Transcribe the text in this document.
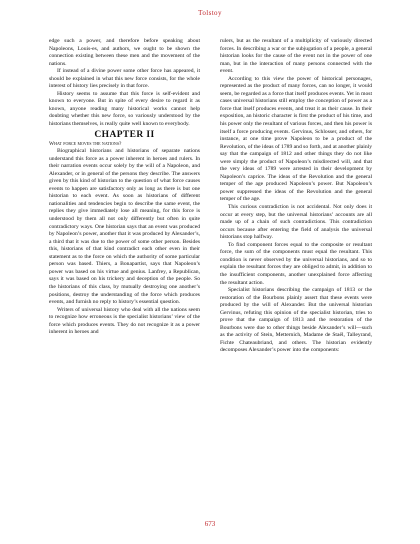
Tolstoy

edge such a power, and therefore before speaking about Napoleons, Louis-es, and authors, we ought to be shown the connection existing between these men and the movement of the nations.

If instead of a divine power some other force has appeared, it should be explained in what this new force consists, for the whole interest of history lies precisely in that force.

History seems to assume that this force is self-evident and known to everyone. But in spite of every desire to regard it as known, anyone reading many historical works cannot help doubting whether this new force, so variously understood by the historians themselves, is really quite well known to everybody.

CHAPTER II

What force moves the nations?

Biographical historians and historians of separate nations understand this force as a power inherent in heroes and rulers. In their narration events occur solely by the will of a Napoleon, and Alexander, or in general of the persons they describe. The answers given by this kind of historian to the question of what force causes events to happen are satisfactory only as long as there is but one historian to each event. As soon as historians of different nationalities and tendencies begin to describe the same event, the replies they give immediately lose all meaning, for this force is understood by them all not only differently but often in quite contradictory ways. One historian says that an event was produced by Napoleon’s power, another that it was produced by Alexander’s, a third that it was due to the power of some other person. Besides this, historians of that kind contradict each other even in their statement as to the force on which the authority of some particular person was based. Thiers, a Bonapartist, says that Napoleon’s power was based on his virtue and genius. Lanfrey, a Republican, says it was based on his trickery and deception of the people. So the historians of this class, by mutually destroying one another’s positions, destroy the understanding of the force which produces events, and furnish no reply to history’s essential question.

Writers of universal history who deal with all the nations seem to recognize how erroneous is the specialist historians’ view of the force which produces events. They do not recognize it as a power inherent in heroes and

rulers, but as the resultant of a multiplicity of variously directed forces. In describing a war or the subjugation of a people, a general historian looks for the cause of the event not in the power of one man, but in the interaction of many persons connected with the event.

According to this view the power of historical personages, represented as the product of many forces, can no longer, it would seem, be regarded as a force that itself produces events. Yet in most cases universal historians still employ the conception of power as a force that itself produces events, and treat it as their cause. In their exposition, an historic character is first the product of his time, and his power only the resultant of various forces, and then his power is itself a force producing events. Gervinus, Schlosser, and others, for instance, at one time prove Napoleon to be a product of the Revolution, of the ideas of 1789 and so forth, and at another plainly say that the campaign of 1812 and other things they do not like were simply the product of Napoleon’s misdirected will, and that the very ideas of 1789 were arrested in their development by Napoleon’s caprice. The ideas of the Revolution and the general temper of the age produced Napoleon’s power. But Napoleon’s power suppressed the ideas of the Revolution and the general temper of the age.

This curious contradiction is not accidental. Not only does it occur at every step, but the universal historians’ accounts are all made up of a chain of such contradictions. This contradiction occurs because after entering the field of analysis the universal historians stop halfway.

To find component forces equal to the composite or resultant force, the sum of the components must equal the resultant. This condition is never observed by the universal historians, and so to explain the resultant forces they are obliged to admit, in addition to the insufficient components, another unexplained force affecting the resultant action.

Specialist historians describing the campaign of 1813 or the restoration of the Bourbons plainly assert that these events were produced by the will of Alexander. But the universal historian Gervinus, refuting this opinion of the specialist historian, tries to prove that the campaign of 1813 and the restoration of the Bourbons were due to other things beside Alexander’s will—such as the activity of Stein, Metternich, Madame de Staël, Talleyrand, Fichte Chateaubriand, and others. The historian evidently decomposes Alexander’s power into the components:

673
